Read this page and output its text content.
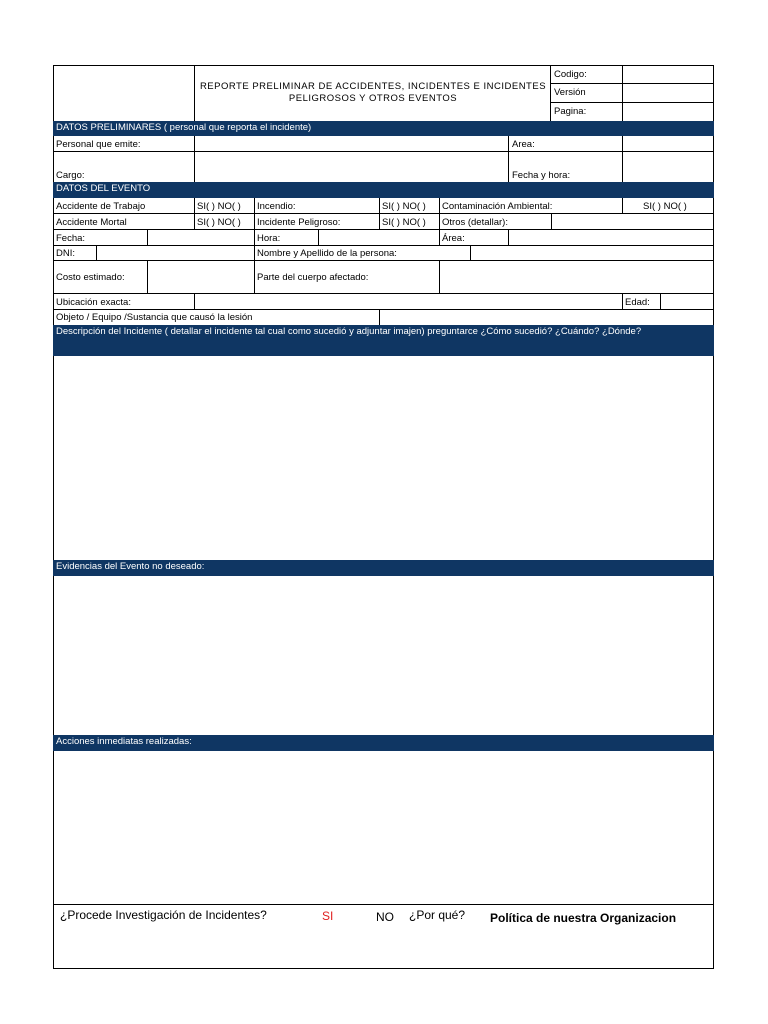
REPORTE PRELIMINAR DE ACCIDENTES, INCIDENTES E INCIDENTES PELIGROSOS Y OTROS EVENTOS
Codigo:
Versión
Pagina:
DATOS PRELIMINARES ( personal que reporta el incidente)
Personal que emite:	Area:
Cargo:	Fecha y hora:
DATOS DEL EVENTO
Accidente de Trabajo	SI( ) NO( ) Incendio:	SI( ) NO( ) Contaminación Ambiental:	SI( ) NO( )
Accidente Mortal	SI( ) NO( ) Incidente Peligroso:	SI( ) NO( ) Otros (detallar):
Fecha:	Hora:	Área:
DNI:	Nombre y Apellido de la persona:
Costo estimado:	Parte del cuerpo afectado:
Ubicación exacta:	Edad:
Objeto / Equipo /Sustancia que causó la lesión
Descripción del Incidente ( detallar el incidente tal cual como sucedió y adjuntar imajen) preguntarce ¿Cómo sucedió? ¿Cuándo? ¿Dónde?
Evidencias del Evento no deseado:
Acciones inmediatas realizadas:
¿Procede Investigación de Incidentes?	SI	NO ¿Por qué? Política de nuestra Organizacion
